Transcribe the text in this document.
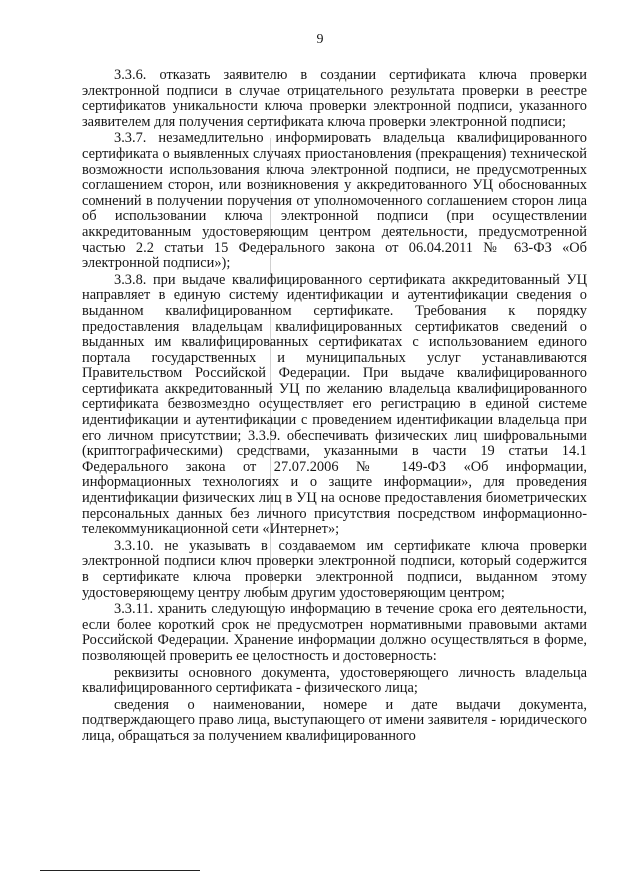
9

3.3.6. отказать заявителю в создании сертификата ключа проверки электронной подписи в случае отрицательного результата проверки в реестре сертификатов уникальности ключа проверки электронной подписи, указанного заявителем для получения сертификата ключа проверки электронной подписи;

3.3.7. незамедлительно информировать владельца квалифицированного сертификата о выявленных случаях приостановления (прекращения) технической возможности использования ключа электронной подписи, не предусмотренных соглашением сторон, или возникновения у аккредитованного УЦ обоснованных сомнений в получении поручения от уполномоченного соглашением сторон лица об использовании ключа электронной подписи (при осуществлении аккредитованным удостоверяющим центром деятельности, предусмотренной частью 2.2 статьи 15 Федерального закона от 06.04.2011 № 63-ФЗ «Об электронной подписи»);

3.3.8. при выдаче квалифицированного сертификата аккредитованный УЦ направляет в единую систему идентификации и аутентификации сведения о выданном квалифицированном сертификате. Требования к порядку предоставления владельцам квалифицированных сертификатов сведений о выданных им квалифицированных сертификатах с использованием единого портала государственных и муниципальных услуг устанавливаются Правительством Российской Федерации. При выдаче квалифицированного сертификата аккредитованный УЦ по желанию владельца квалифицированного сертификата безвозмездно осуществляет его регистрацию в единой системе идентификации и аутентификации с проведением идентификации владельца при его личном присутствии; 3.3.9. обеспечивать физических лиц шифровальными (криптографическими) средствами, указанными в части 19 статьи 14.1 Федерального закона от 27.07.2006 № 149-ФЗ «Об информации, информационных технологиях и о защите информации», для проведения идентификации физических лиц в УЦ на основе предоставления биометрических персональных данных без личного присутствия посредством информационно-телекоммуникационной сети «Интернет»;

3.3.10. не указывать в создаваемом им сертификате ключа проверки электронной подписи ключ проверки электронной подписи, который содержится в сертификате ключа проверки электронной подписи, выданном этому удостоверяющему центру любым другим удостоверяющим центром;

3.3.11. хранить следующую информацию в течение срока его деятельности, если более короткий срок не предусмотрен нормативными правовыми актами Российской Федерации. Хранение информации должно осуществляться в форме, позволяющей проверить ее целостность и достоверность:

реквизиты основного документа, удостоверяющего личность владельца квалифицированного сертификата - физического лица;

сведения о наименовании, номере и дате выдачи документа, подтверждающего право лица, выступающего от имени заявителя - юридического лица, обращаться за получением квалифицированного
